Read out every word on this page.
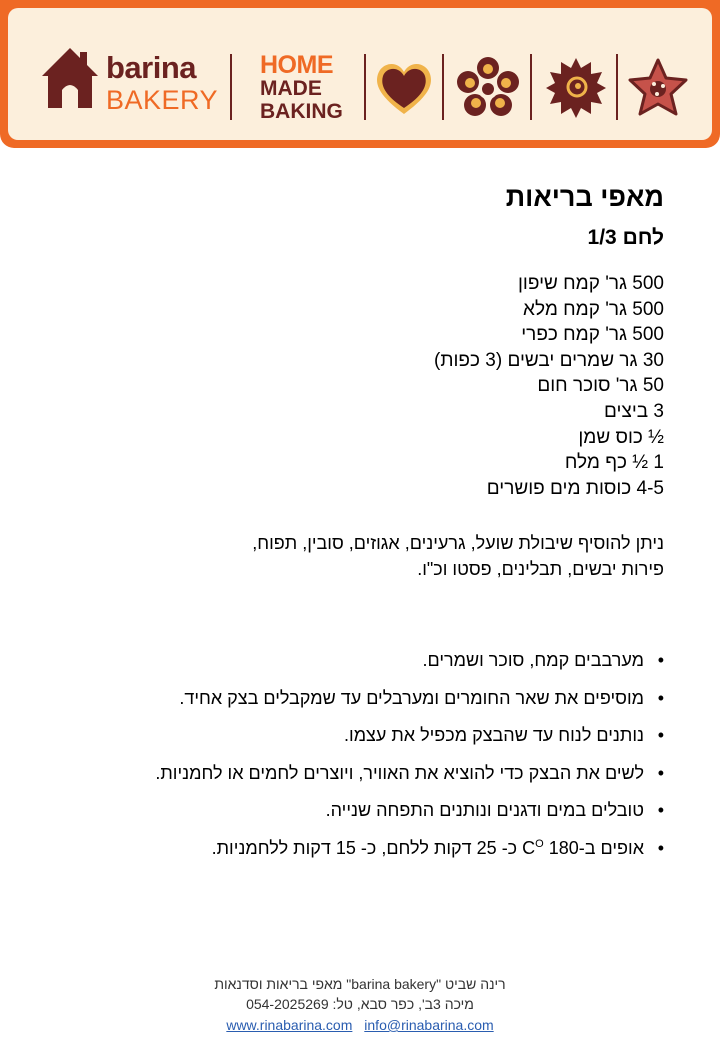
barina
BAKERY
HOME
MADE
BAKING
מאפי בריאות
לחם 1/3
500 גר' קמח שיפון
500 גר' קמח מלא
500 גר' קמח כפרי
30 גר שמרים יבשים (3 כפות)
50 גר' סוכר חום
3 ביצים
½ כוס שמן
1 ½ כף מלח
4-5 כוסות מים פושרים

ניתן להוסיף שיבולת שועל, גרעינים, אגוזים, סובין, תפוח, פירות יבשים, תבלינים, פסטו וכ"ו.

• מערבבים קמח, סוכר ושמרים.
• מוסיפים את שאר החומרים ומערבלים עד שמקבלים בצק אחיד.
• נותנים לנוח עד שהבצק מכפיל את עצמו.
• לשים את הבצק כדי להוציא את האוויר, ויוצרים לחמים או לחמניות.
• טובלים במים ודגנים ונותנים התפחה שנייה.
• אופים $ב-C^O$ 180 כ- 25 דקות ללחם, כ- 15 דקות ללחמניות.
רינה שביט "barina bakery" מאפי בריאות וסדנאות
מיכה 3ב', כפר סבא, טל: 054-2025269
www.rinabarina.com info@rinabarina.com
